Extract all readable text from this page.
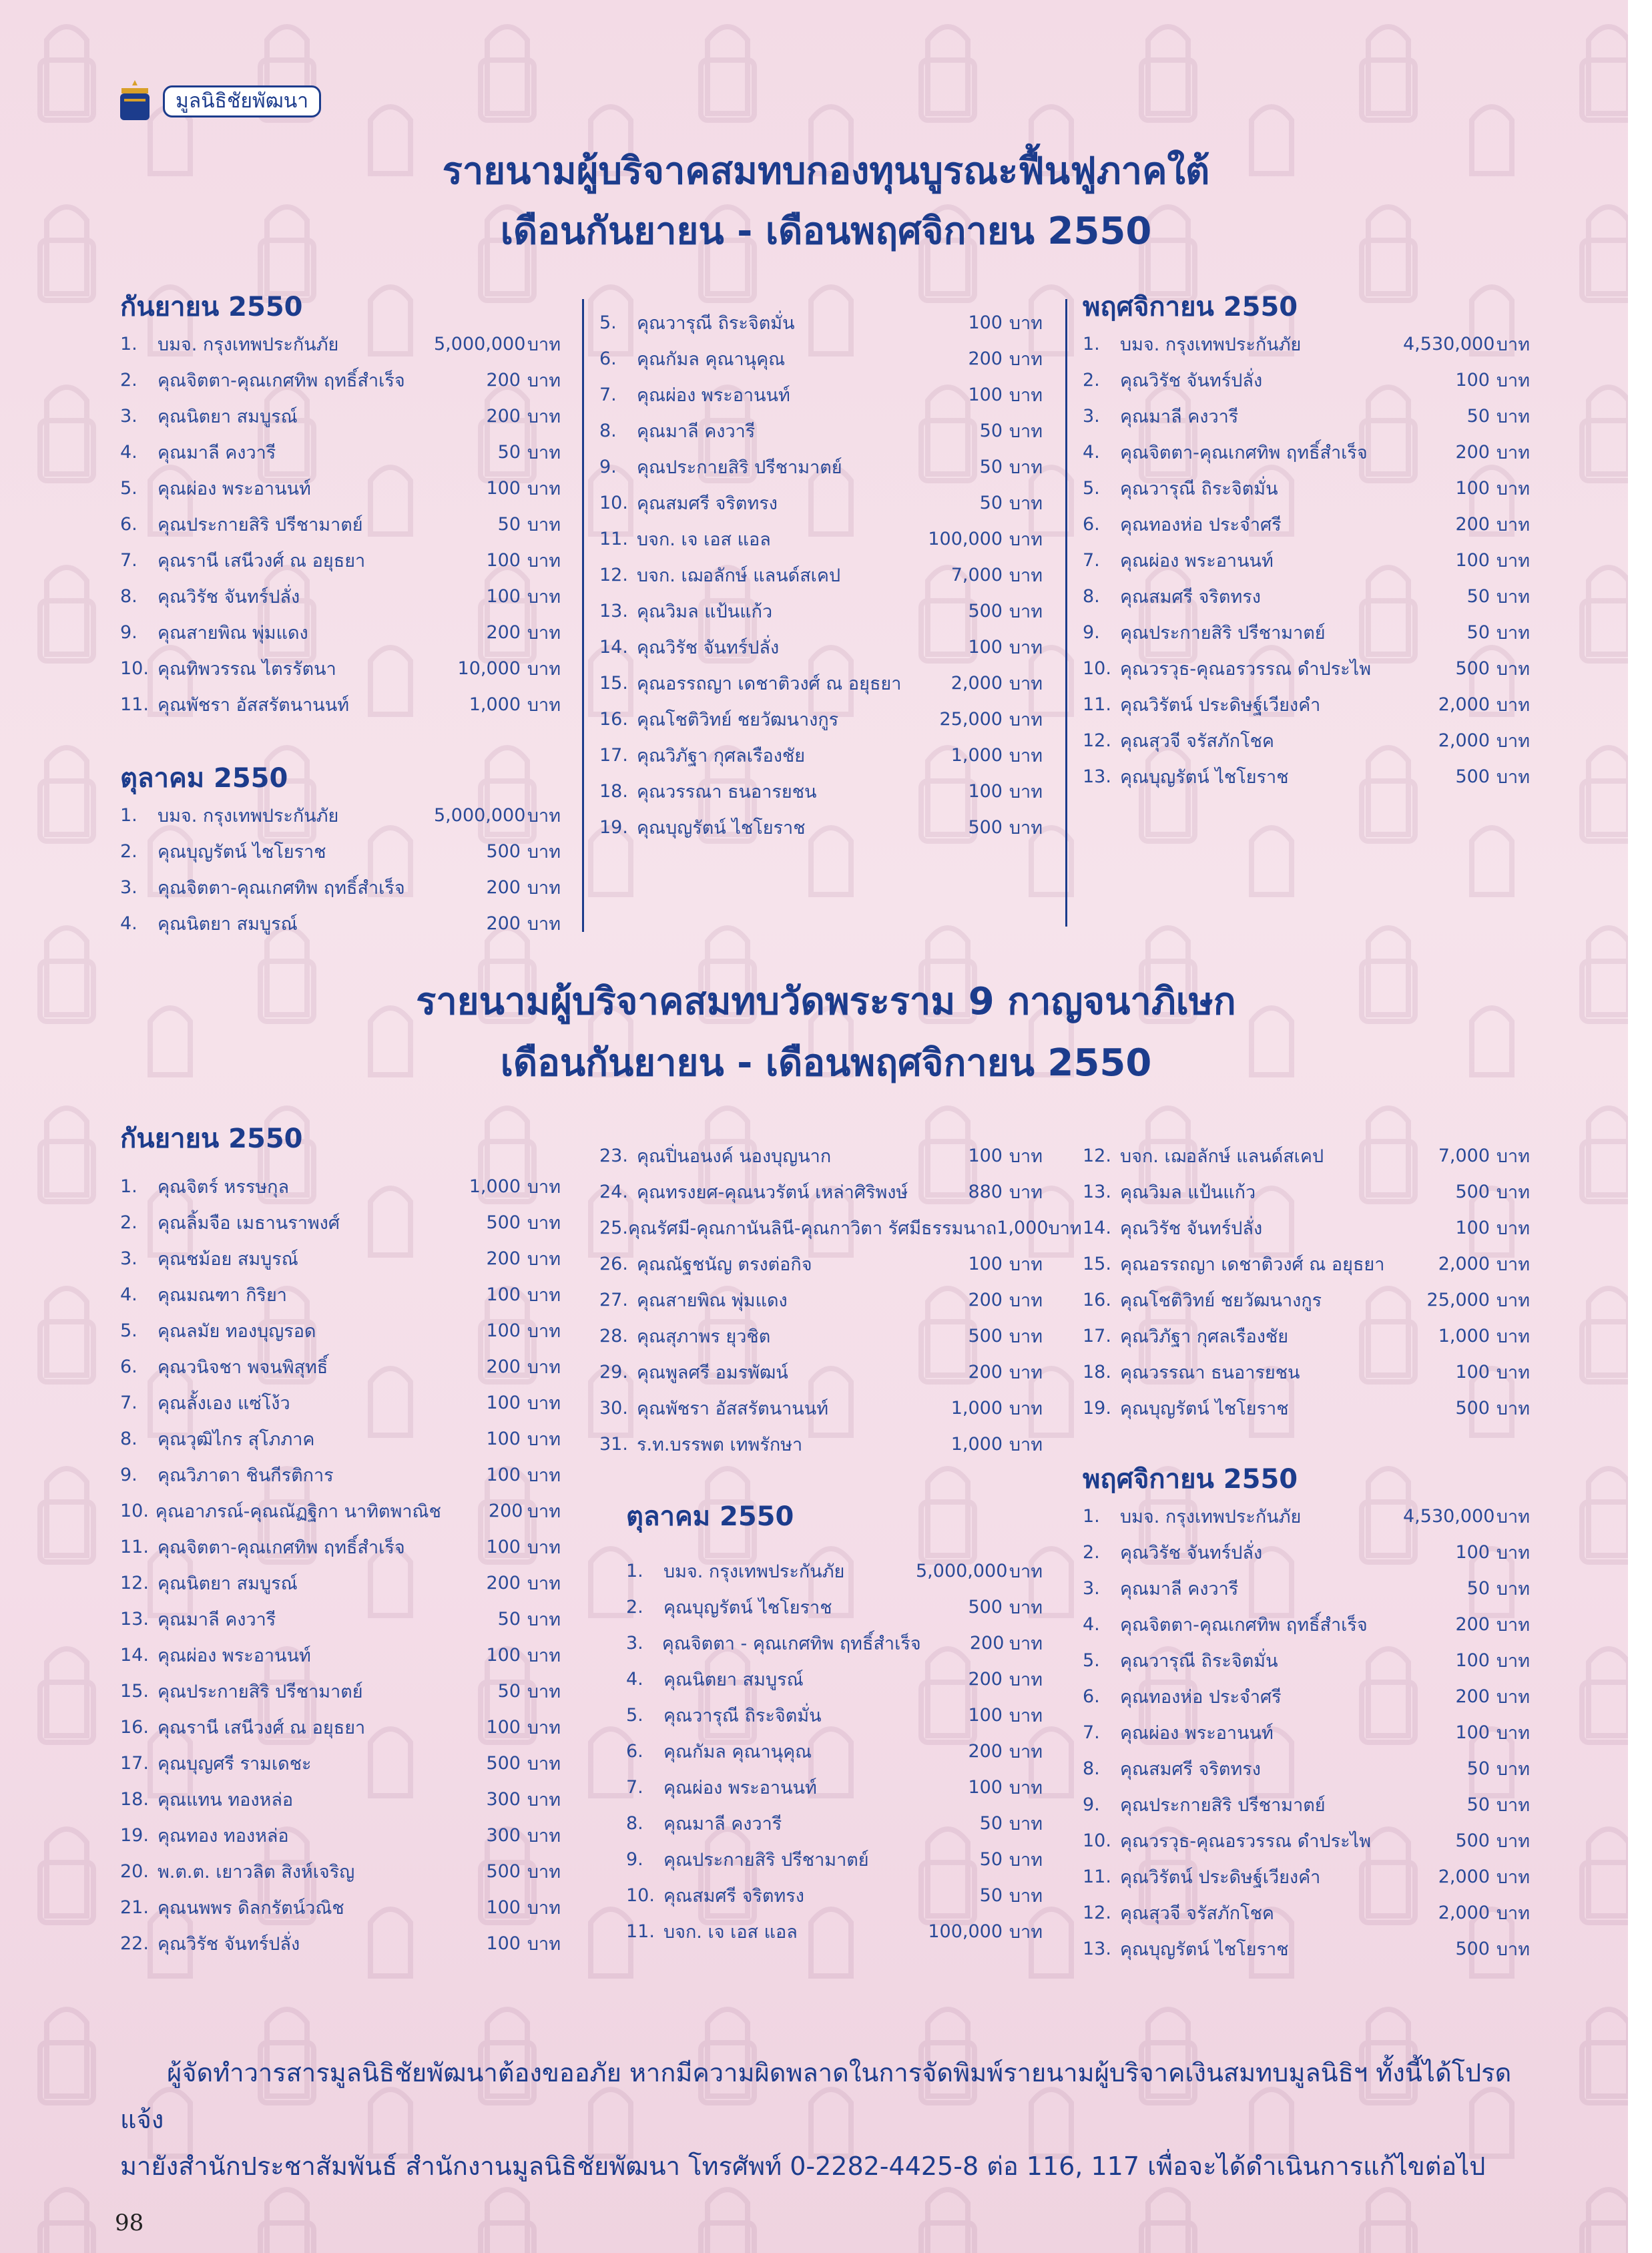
มูลนิธิชัยพัฒนา
รายนามผู้บริจาคสมทบกองทุนบูรณะฟื้นฟูภาคใต้
เดือนกันยายน - เดือนพฤศจิกายน 2550
กันยายน 2550
1.	บมจ. กรุงเทพประกันภัย	5,000,000 บาท
2.	คุณจิตตา-คุณเกศทิพ ฤทธิ์สำเร็จ	200 บาท
3.	คุณนิตยา สมบูรณ์	200 บาท
4.	คุณมาลี คงวารี	50 บาท
5.	คุณผ่อง พระอานนท์	100 บาท
6.	คุณประกายสิริ ปรีชามาตย์	50 บาท
7.	คุณรานี เสนีวงศ์ ณ อยุธยา	100 บาท
8.	คุณวิรัช จันทร์ปลั่ง	100 บาท
9.	คุณสายพิณ พุ่มแดง	200 บาท
10. คุณทิพวรรณ ไตรรัตนา	10,000 บาท
11. คุณพัชรา อัสสรัตนานนท์	1,000 บาท
ตุลาคม 2550
1.	บมจ. กรุงเทพประกันภัย	5,000,000 บาท
2.	คุณบุญรัตน์ ไชโยราช	500 บาท
3.	คุณจิตตา-คุณเกศทิพ ฤทธิ์สำเร็จ	200 บาท
4.	คุณนิตยา สมบูรณ์	200 บาท
5.	คุณวารุณี ถิระจิตมั่น	100 บาท
6.	คุณกัมล คุณานุคุณ	200 บาท
7.	คุณผ่อง พระอานนท์	100 บาท
8.	คุณมาลี คงวารี	50 บาท
9.	คุณประกายสิริ ปรีชามาตย์	50 บาท
10. คุณสมศรี จริตทรง	50 บาท
11. บจก. เจ เอส แอล	100,000 บาท
12. บจก. เฌอลักษ์ แลนด์สเคป	7,000 บาท
13. คุณวิมล แป้นแก้ว	500 บาท
14. คุณวิรัช จันทร์ปลั่ง	100 บาท
15. คุณอรรถญา เดชาติวงศ์ ณ อยุธยา	2,000 บาท
16. คุณโชติวิทย์ ชยวัฒนางกูร	25,000 บาท
17. คุณวิภัฐา กุศลเรืองชัย	1,000 บาท
18. คุณวรรณา ธนอารยชน	100 บาท
19. คุณบุญรัตน์ ไชโยราช	500 บาท
พฤศจิกายน 2550
1.	บมจ. กรุงเทพประกันภัย	4,530,000 บาท
2.	คุณวิรัช จันทร์ปลั่ง	100 บาท
3.	คุณมาลี คงวารี	50 บาท
4.	คุณจิตตา-คุณเกศทิพ ฤทธิ์สำเร็จ	200 บาท
5.	คุณวารุณี ถิระจิตมั่น	100 บาท
6.	คุณทองห่อ ประจำศรี	200 บาท
7.	คุณผ่อง พระอานนท์	100 บาท
8.	คุณสมศรี จริตทรง	50 บาท
9.	คุณประกายสิริ ปรีชามาตย์	50 บาท
10. คุณวรวุธ-คุณอรวรรณ ดำประไพ	500 บาท
11. คุณวิรัตน์ ประดิษฐ์เวียงคำ	2,000 บาท
12. คุณสุวจี จรัสภักโชค	2,000 บาท
13. คุณบุญรัตน์ ไชโยราช	500 บาท
รายนามผู้บริจาคสมทบวัดพระราม 9 กาญจนาภิเษก
เดือนกันยายน - เดือนพฤศจิกายน 2550
กันยายน 2550
1.	คุณจิตร์ หรรษกุล	1,000 บาท
2.	คุณลิ้มจือ เมธานราพงศ์	500 บาท
3.	คุณชม้อย สมบูรณ์	200 บาท
4.	คุณมณฑา กิริยา	100 บาท
5.	คุณลมัย ทองบุญรอด	100 บาท
6.	คุณวนิจชา พจนพิสุทธิ์	200 บาท
7.	คุณลั้งเอง แซ่โง้ว	100 บาท
8.	คุณวุฒิไกร สุโภภาค	100 บาท
9.	คุณวิภาดา ชินกีรติการ	100 บาท
10. คุณอาภรณ์-คุณณัฏฐิกา นาทิตพาณิช	200 บาท
11. คุณจิตตา-คุณเกศทิพ ฤทธิ์สำเร็จ	100 บาท
12. คุณนิตยา สมบูรณ์	200 บาท
13. คุณมาลี คงวารี	50 บาท
14. คุณผ่อง พระอานนท์	100 บาท
15. คุณประกายสิริ ปรีชามาตย์	50 บาท
16. คุณรานี เสนีวงศ์ ณ อยุธยา	100 บาท
17. คุณบุญศรี รามเดชะ	500 บาท
18. คุณแทน ทองหล่อ	300 บาท
19. คุณทอง ทองหล่อ	300 บาท
20. พ.ต.ต. เยาวลิต สิงห์เจริญ	500 บาท
21. คุณนพพร ดิลกรัตน์วณิช	100 บาท
22. คุณวิรัช จันทร์ปลั่ง	100 บาท
23. คุณปิ่นอนงค์ นองบุญนาก	100 บาท
24. คุณทรงยศ-คุณนวรัตน์ เหล่าศิริพงษ์	880 บาท
25. คุณรัศมี-คุณกานันลินี-คุณกาวิตา รัศมีธรรมนาถ 1,000 บาท
26. คุณณัฐชนัญ ตรงต่อกิจ	100 บาท
27. คุณสายพิณ พุ่มแดง	200 บาท
28. คุณสุภาพร ยุวชิต	500 บาท
29. คุณพูลศรี อมรพัฒน์	200 บาท
30. คุณพัชรา อัสสรัตนานนท์	1,000 บาท
31. ร.ท.บรรพต เทพรักษา	1,000 บาท
ตุลาคม 2550
1.	บมจ. กรุงเทพประกันภัย	5,000,000 บาท
2.	คุณบุญรัตน์ ไชโยราช	500 บาท
3.	คุณจิตตา - คุณเกศทิพ ฤทธิ์สำเร็จ	200 บาท
4.	คุณนิตยา สมบูรณ์	200 บาท
5.	คุณวารุณี ถิระจิตมั่น	100 บาท
6.	คุณกัมล คุณานุคุณ	200 บาท
7.	คุณผ่อง พระอานนท์	100 บาท
8.	คุณมาลี คงวารี	50 บาท
9.	คุณประกายสิริ ปรีชามาตย์	50 บาท
10. คุณสมศรี จริตทรง	50 บาท
11. บจก. เจ เอส แอล	100,000 บาท
12. บจก. เฌอลักษ์ แลนด์สเคป	7,000 บาท
13. คุณวิมล แป้นแก้ว	500 บาท
14. คุณวิรัช จันทร์ปลั่ง	100 บาท
15. คุณอรรถญา เดชาติวงศ์ ณ อยุธยา	2,000 บาท
16. คุณโชติวิทย์ ชยวัฒนางกูร	25,000 บาท
17. คุณวิภัฐา กุศลเรืองชัย	1,000 บาท
18. คุณวรรณา ธนอารยชน	100 บาท
19. คุณบุญรัตน์ ไชโยราช	500 บาท
พฤศจิกายน 2550
1.	บมจ. กรุงเทพประกันภัย	4,530,000 บาท
2.	คุณวิรัช จันทร์ปลั่ง	100 บาท
3.	คุณมาลี คงวารี	50 บาท
4.	คุณจิตตา-คุณเกศทิพ ฤทธิ์สำเร็จ	200 บาท
5.	คุณวารุณี ถิระจิตมั่น	100 บาท
6.	คุณทองห่อ ประจำศรี	200 บาท
7.	คุณผ่อง พระอานนท์	100 บาท
8.	คุณสมศรี จริตทรง	50 บาท
9.	คุณประกายสิริ ปรีชามาตย์	50 บาท
10. คุณวรวุธ-คุณอรวรรณ ดำประไพ	500 บาท
11. คุณวิรัตน์ ประดิษฐ์เวียงคำ	2,000 บาท
12. คุณสุวจี จรัสภักโชค	2,000 บาท
13. คุณบุญรัตน์ ไชโยราช	500 บาท
ผู้จัดทำวารสารมูลนิธิชัยพัฒนาต้องขออภัย หากมีความผิดพลาดในการจัดพิมพ์รายนามผู้บริจาคเงินสมทบมูลนิธิฯ ทั้งนี้ได้โปรดแจ้ง
มายังสำนักประชาสัมพันธ์ สำนักงานมูลนิธิชัยพัฒนา โทรศัพท์ 0-2282-4425-8 ต่อ 116, 117 เพื่อจะได้ดำเนินการแก้ไขต่อไป
98
